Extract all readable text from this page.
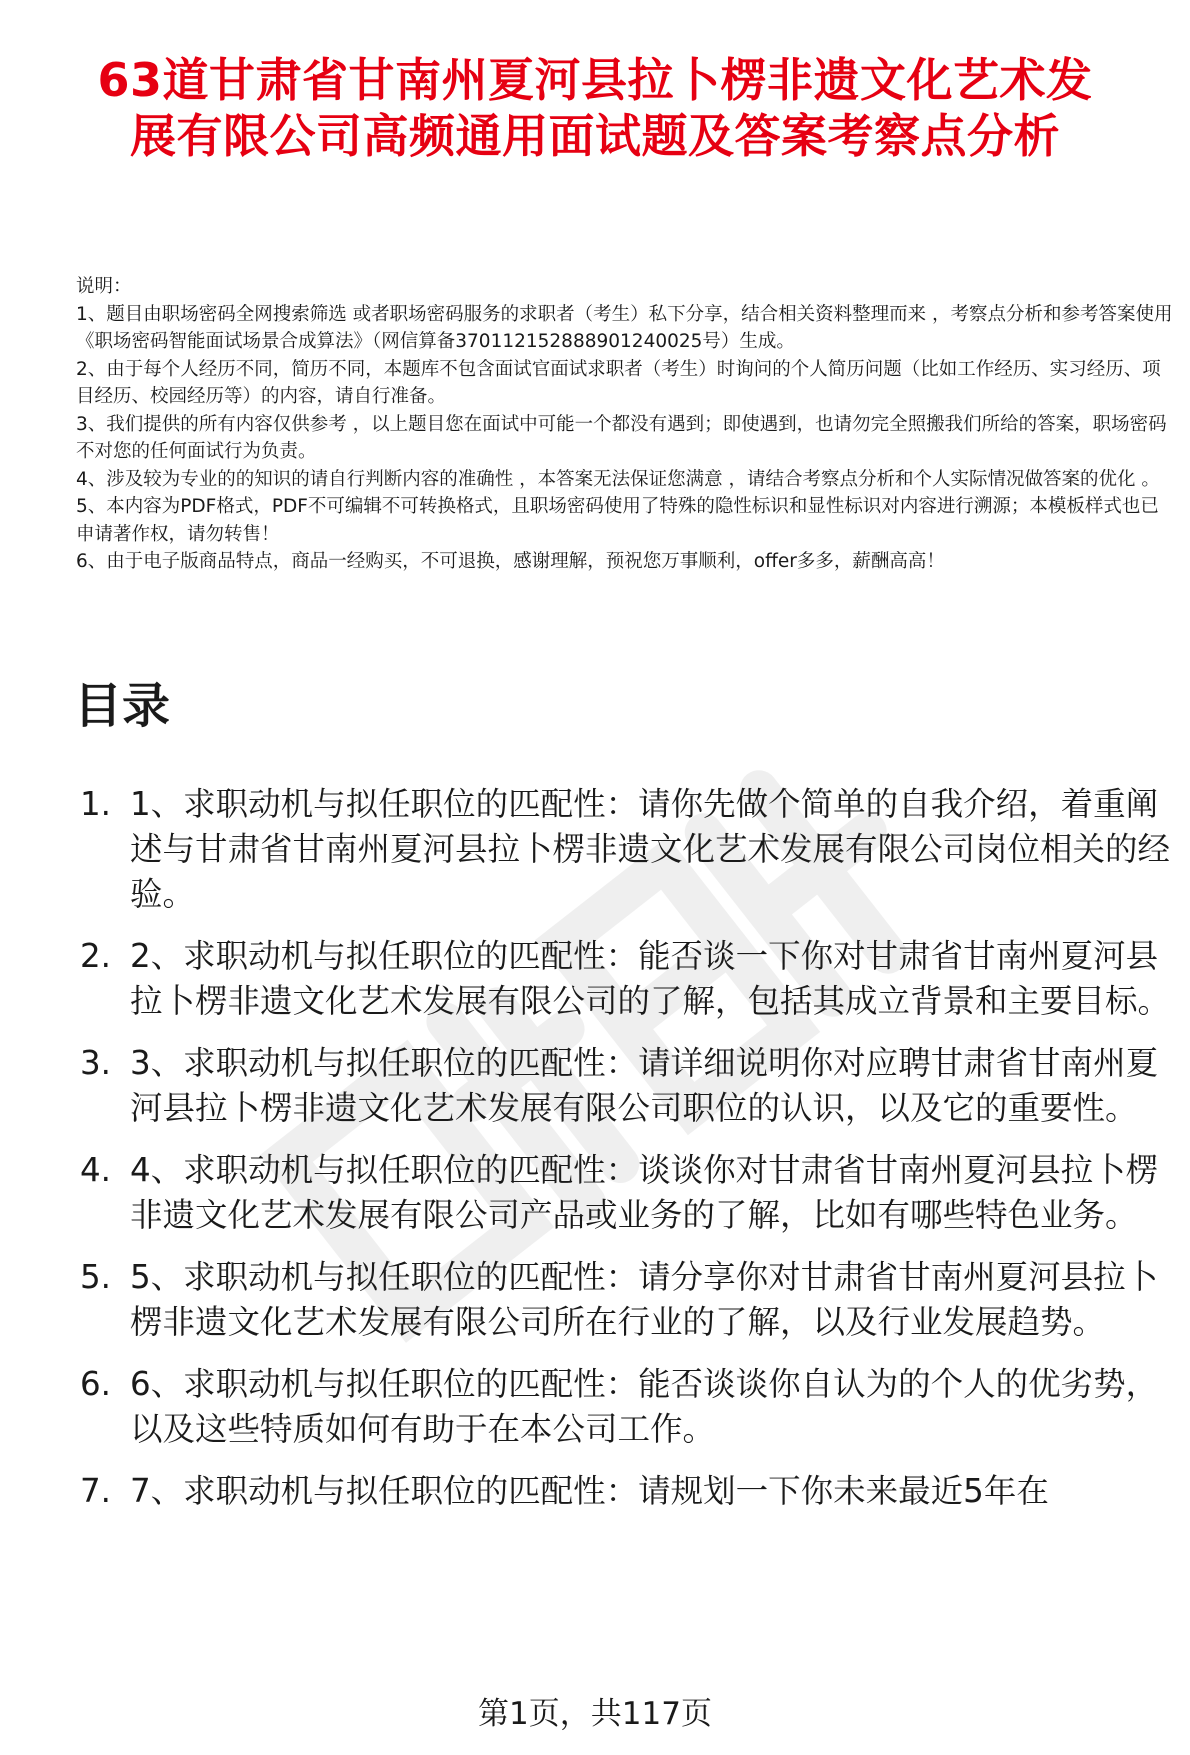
63道甘肃省甘南州夏河县拉卜楞非遗文化艺术发展有限公司高频通用面试题及答案考察点分析

说明：

1、题目由职场密码全网搜索筛选 或者职场密码服务的求职者（考生）私下分享，结合相关资料整理而来 ，考察点分析和参考答案使用《职场密码智能面试场景合成算法》（网信算备370112152888901240025号）生成。

2、由于每个人经历不同，简历不同，本题库不包含面试官面试求职者（考生）时询问的个人简历问题（比如工作经历、实习经历、项目经历、校园经历等）的内容，请自行准备。

3、我们提供的所有内容仅供参考 ，以上题目您在面试中可能一个都没有遇到；即使遇到，也请勿完全照搬我们所给的答案，职场密码不对您的任何面试行为负责。

4、涉及较为专业的的知识的请自行判断内容的准确性 ，本答案无法保证您满意 ，请结合考察点分析和个人实际情况做答案的优化 。

5、本内容为PDF格式，PDF不可编辑不可转换格式，且职场密码使用了特殊的隐性标识和显性标识对内容进行溯源；本模板样式也已申请著作权，请勿转售！

6、由于电子版商品特点，商品一经购买，不可退换，感谢理解，预祝您万事顺利，offer多多，薪酬高高！

目录
1. 1、求职动机与拟任职位的匹配性：请你先做个简单的自我介绍，着重阐述与甘肃省甘南州夏河县拉卜楞非遗文化艺术发展有限公司岗位相关的经验。
2. 2、求职动机与拟任职位的匹配性：能否谈一下你对甘肃省甘南州夏河县拉卜楞非遗文化艺术发展有限公司的了解，包括其成立背景和主要目标。
3. 3、求职动机与拟任职位的匹配性：请详细说明你对应聘甘肃省甘南州夏河县拉卜楞非遗文化艺术发展有限公司职位的认识，以及它的重要性。
4. 4、求职动机与拟任职位的匹配性：谈谈你对甘肃省甘南州夏河县拉卜楞非遗文化艺术发展有限公司产品或业务的了解，比如有哪些特色业务。
5. 5、求职动机与拟任职位的匹配性：请分享你对甘肃省甘南州夏河县拉卜楞非遗文化艺术发展有限公司所在行业的了解，以及行业发展趋势。
6. 6、求职动机与拟任职位的匹配性：能否谈谈你自认为的个人的优劣势，以及这些特质如何有助于在本公司工作。
7. 7、求职动机与拟任职位的匹配性：请规划一下你未来最近5年在
第1页，共117页
